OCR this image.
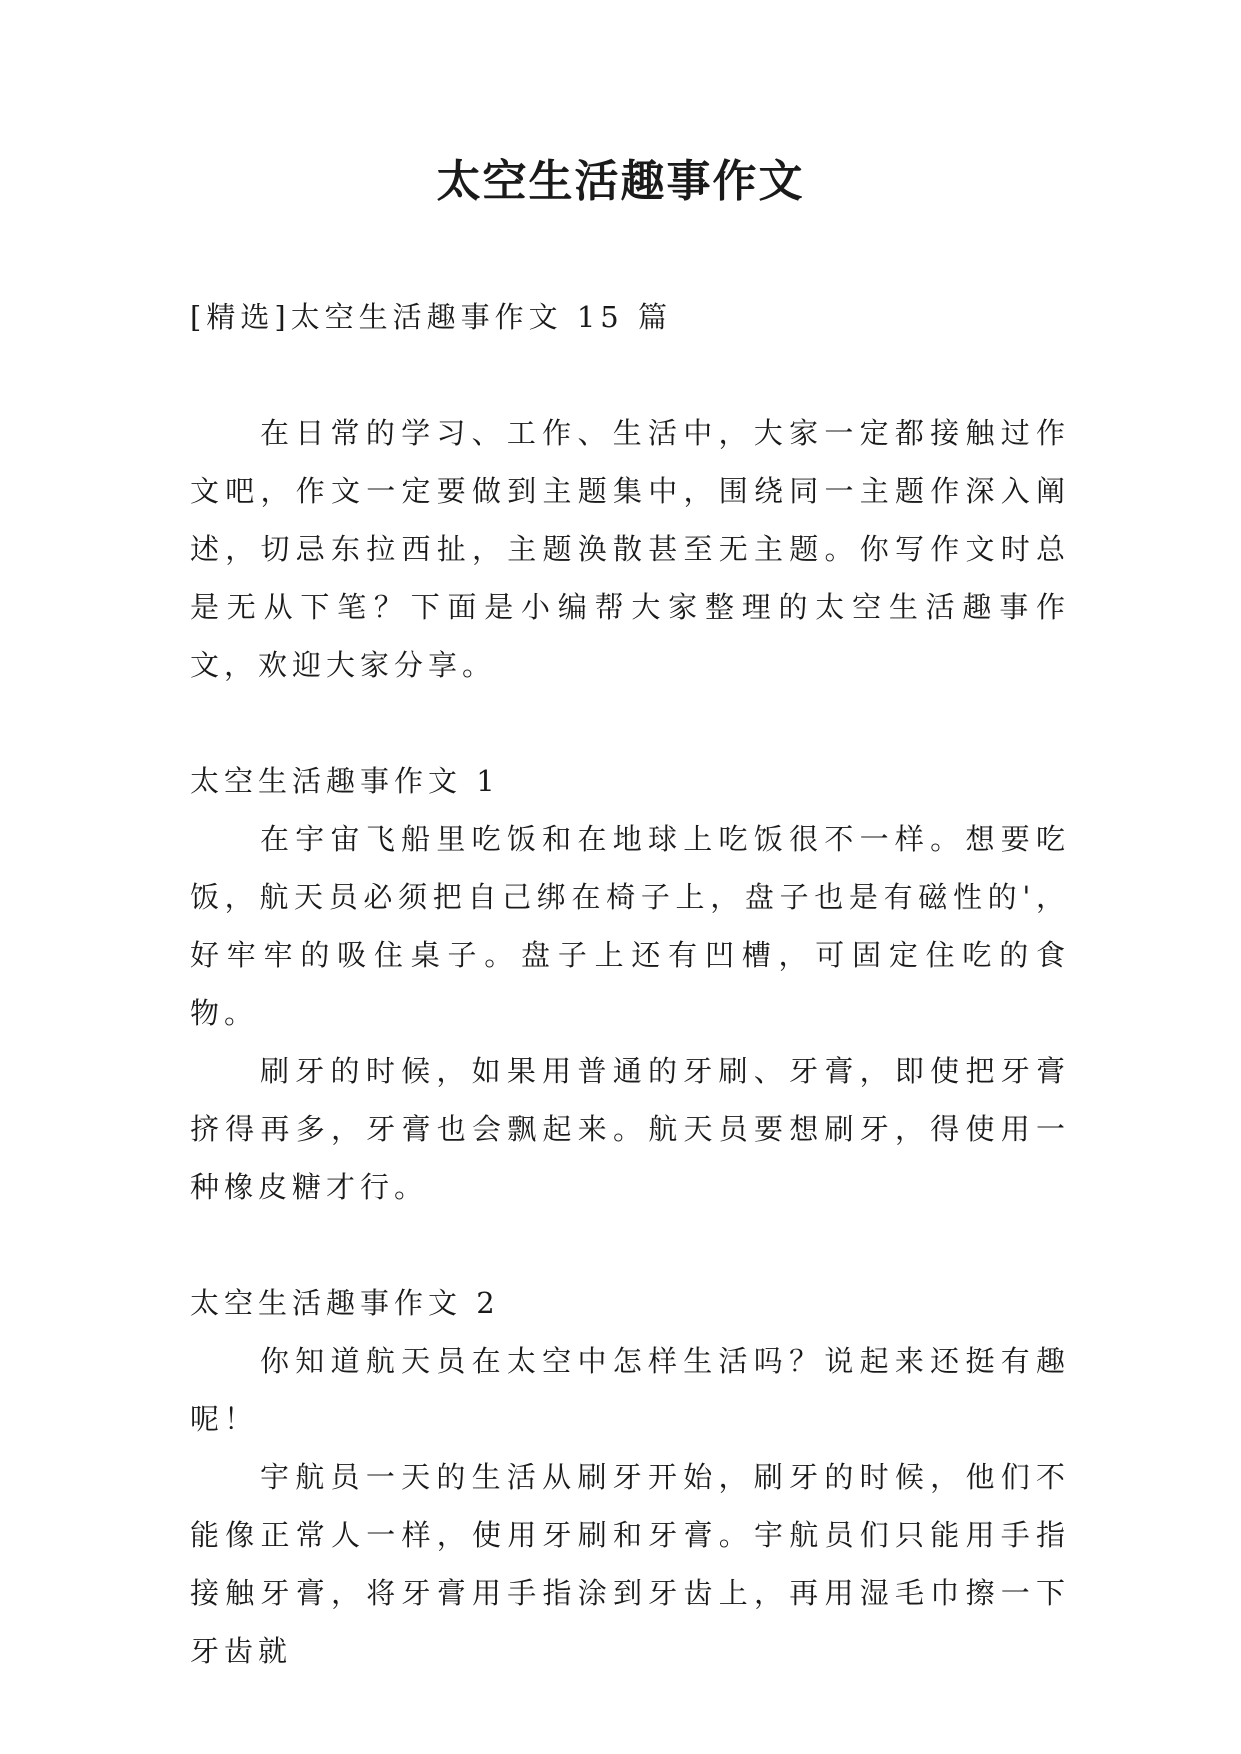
太空生活趣事作文

[精选]太空生活趣事作文 15 篇

在日常的学习、工作、生活中，大家一定都接触过作文吧，作文一定要做到主题集中，围绕同一主题作深入阐述，切忌东拉西扯，主题涣散甚至无主题。你写作文时总是无从下笔？下面是小编帮大家整理的太空生活趣事作文，欢迎大家分享。

太空生活趣事作文 1

在宇宙飞船里吃饭和在地球上吃饭很不一样。想要吃饭，航天员必须把自己绑在椅子上，盘子也是有磁性的'，好牢牢的吸住桌子。盘子上还有凹槽，可固定住吃的食物。

刷牙的时候，如果用普通的牙刷、牙膏，即使把牙膏挤得再多，牙膏也会飘起来。航天员要想刷牙，得使用一种橡皮糖才行。

太空生活趣事作文 2

你知道航天员在太空中怎样生活吗？说起来还挺有趣呢！

宇航员一天的生活从刷牙开始，刷牙的时候，他们不能像正常人一样，使用牙刷和牙膏。宇航员们只能用手指接触牙膏，将牙膏用手指涂到牙齿上，再用湿毛巾擦一下牙齿就
